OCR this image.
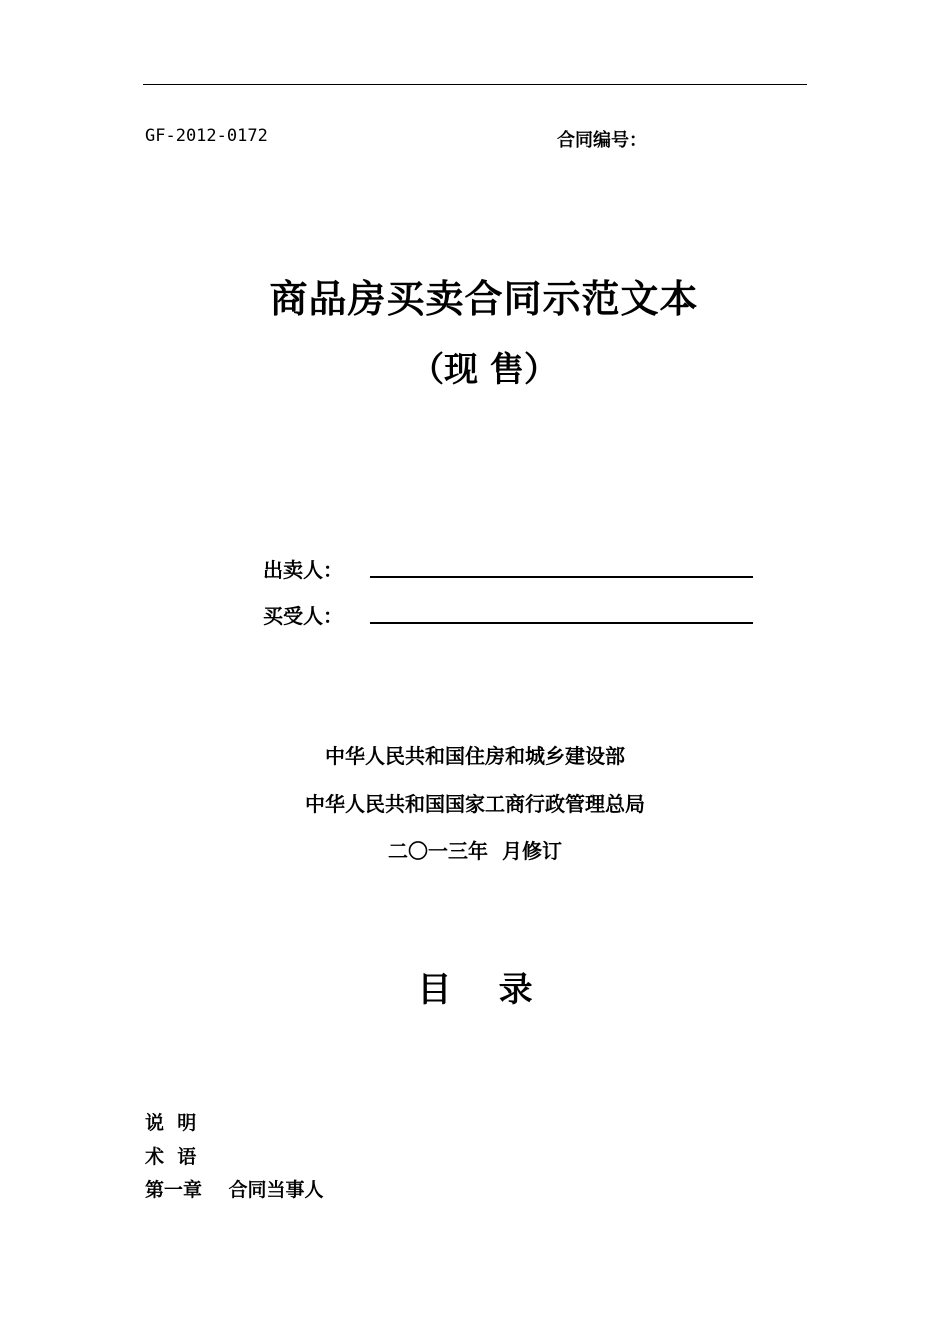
GF-2012-0172	合同编号：
商品房买卖合同示范文本
（现 售）
出卖人：
买受人：
中华人民共和国住房和城乡建设部
中华人民共和国国家工商行政管理总局
二〇一三年  月修订
目    录
说  明
术  语
第一章    合同当事人
